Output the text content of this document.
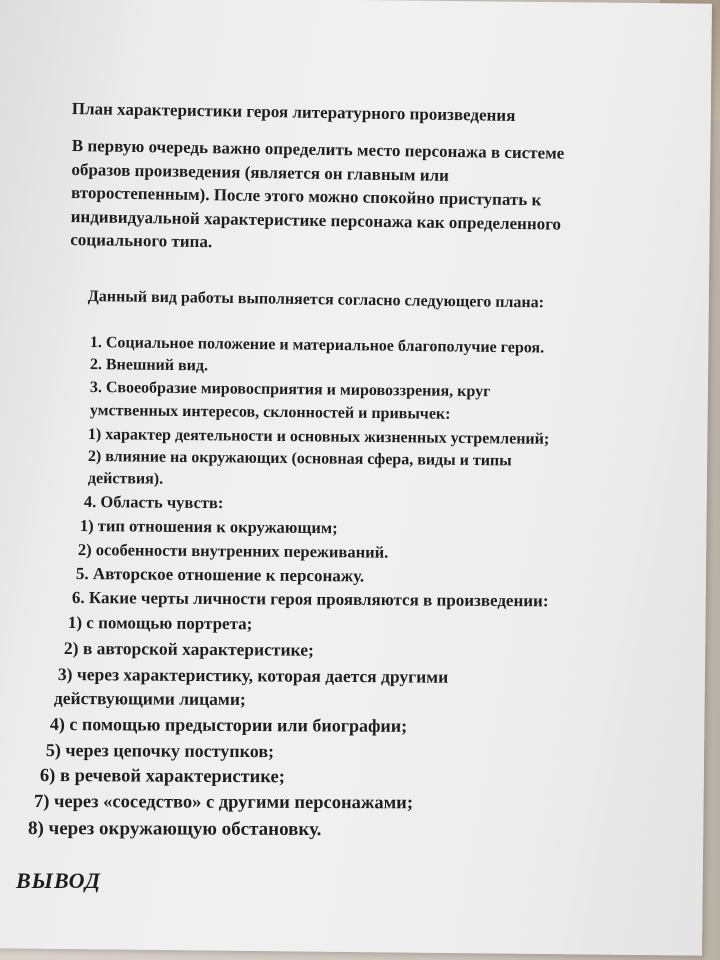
План характеристики героя литературного произведения

В первую очередь важно определить место персонажа в системе
образов произведения (является он главным или
второстепенным). После этого можно спокойно приступать к
индивидуальной характеристике персонажа как определенного
социального типа.

Данный вид работы выполняется согласно следующего плана:

1. Социальное положение и материальное благополучие героя.
2. Внешний вид.
3. Своеобразие мировосприятия и мировоззрения, круг
умственных интересов, склонностей и привычек:
1) характер деятельности и основных жизненных устремлений;
2) влияние на окружающих (основная сфера, виды и типы
действия).
4. Область чувств:
1) тип отношения к окружающим;
2) особенности внутренних переживаний.
5. Авторское отношение к персонажу.
6. Какие черты личности героя проявляются в произведении:
1) с помощью портрета;
2) в авторской характеристике;
3) через характеристику, которая дается другими
действующими лицами;
4) с помощью предыстории или биографии;
5) через цепочку поступков;
6) в речевой характеристике;
7) через «соседство» с другими персонажами;
8) через окружающую обстановку.

ВЫВОД
